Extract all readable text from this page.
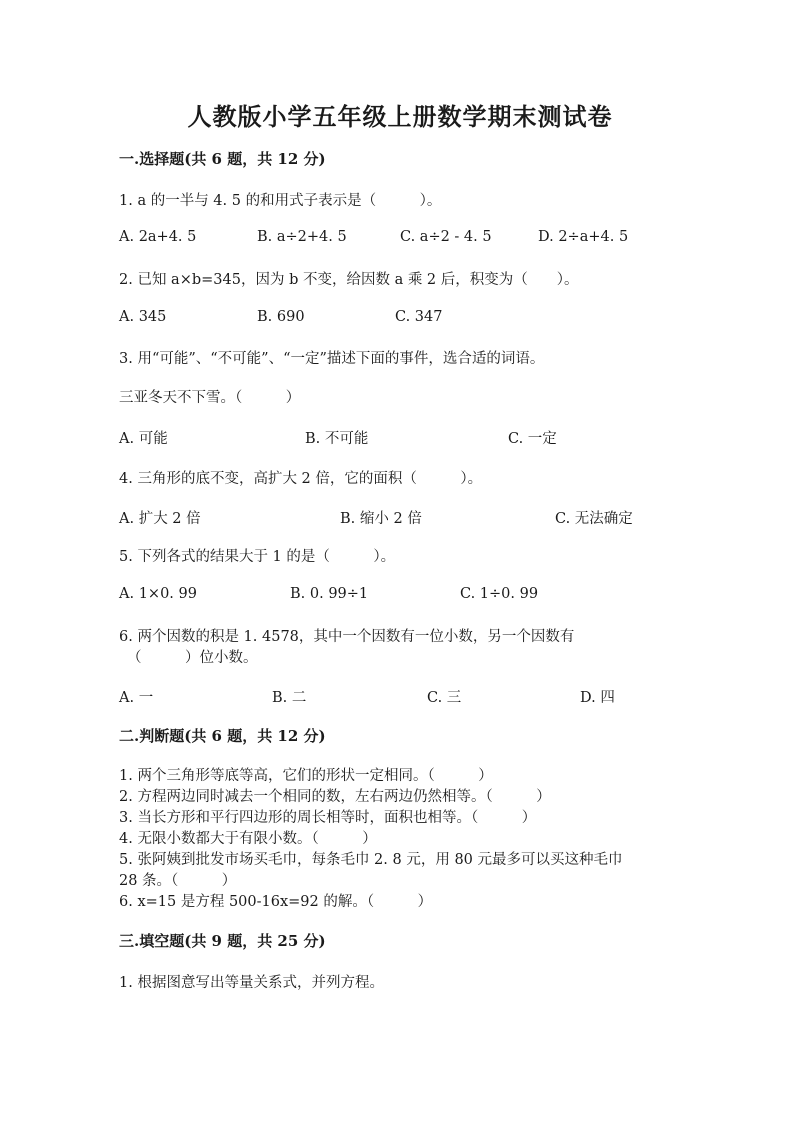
人教版小学五年级上册数学期末测试卷
一.选择题(共 6 题，共 12 分)
1. a 的一半与 4. 5 的和用式子表示是（　　　）。
A. 2a+4. 5	B. a÷2+4. 5	C. a÷2 - 4. 5	D. 2÷a+4. 5
2. 已知 a×b=345，因为 b 不变，给因数 a 乘 2 后，积变为（　　）。
A. 345	B. 690	C. 347
3. 用“可能”、“不可能”、“一定”描述下面的事件，选合适的词语。
三亚冬天不下雪。（　　　）
A. 可能	B. 不可能	C. 一定
4. 三角形的底不变，高扩大 2 倍，它的面积（　　　）。
A. 扩大 2 倍	B. 缩小 2 倍	C. 无法确定
5. 下列各式的结果大于 1 的是（　　　）。
A. 1×0. 99	B. 0. 99÷1	C. 1÷0. 99
6. 两个因数的积是 1. 4578，其中一个因数有一位小数，另一个因数有
（　　　）位小数。
A. 一	B. 二	C. 三	D. 四
二.判断题(共 6 题，共 12 分)
1. 两个三角形等底等高，它们的形状一定相同。（　　　）
2. 方程两边同时减去一个相同的数，左右两边仍然相等。（　　　）
3. 当长方形和平行四边形的周长相等时，面积也相等。（　　　）
4. 无限小数都大于有限小数。（　　　）
5. 张阿姨到批发市场买毛巾，每条毛巾 2. 8 元，用 80 元最多可以买这种毛巾
28 条。（　　　）
6. x=15 是方程 500-16x=92 的解。（　　　）
三.填空题(共 9 题，共 25 分)
1. 根据图意写出等量关系式，并列方程。
